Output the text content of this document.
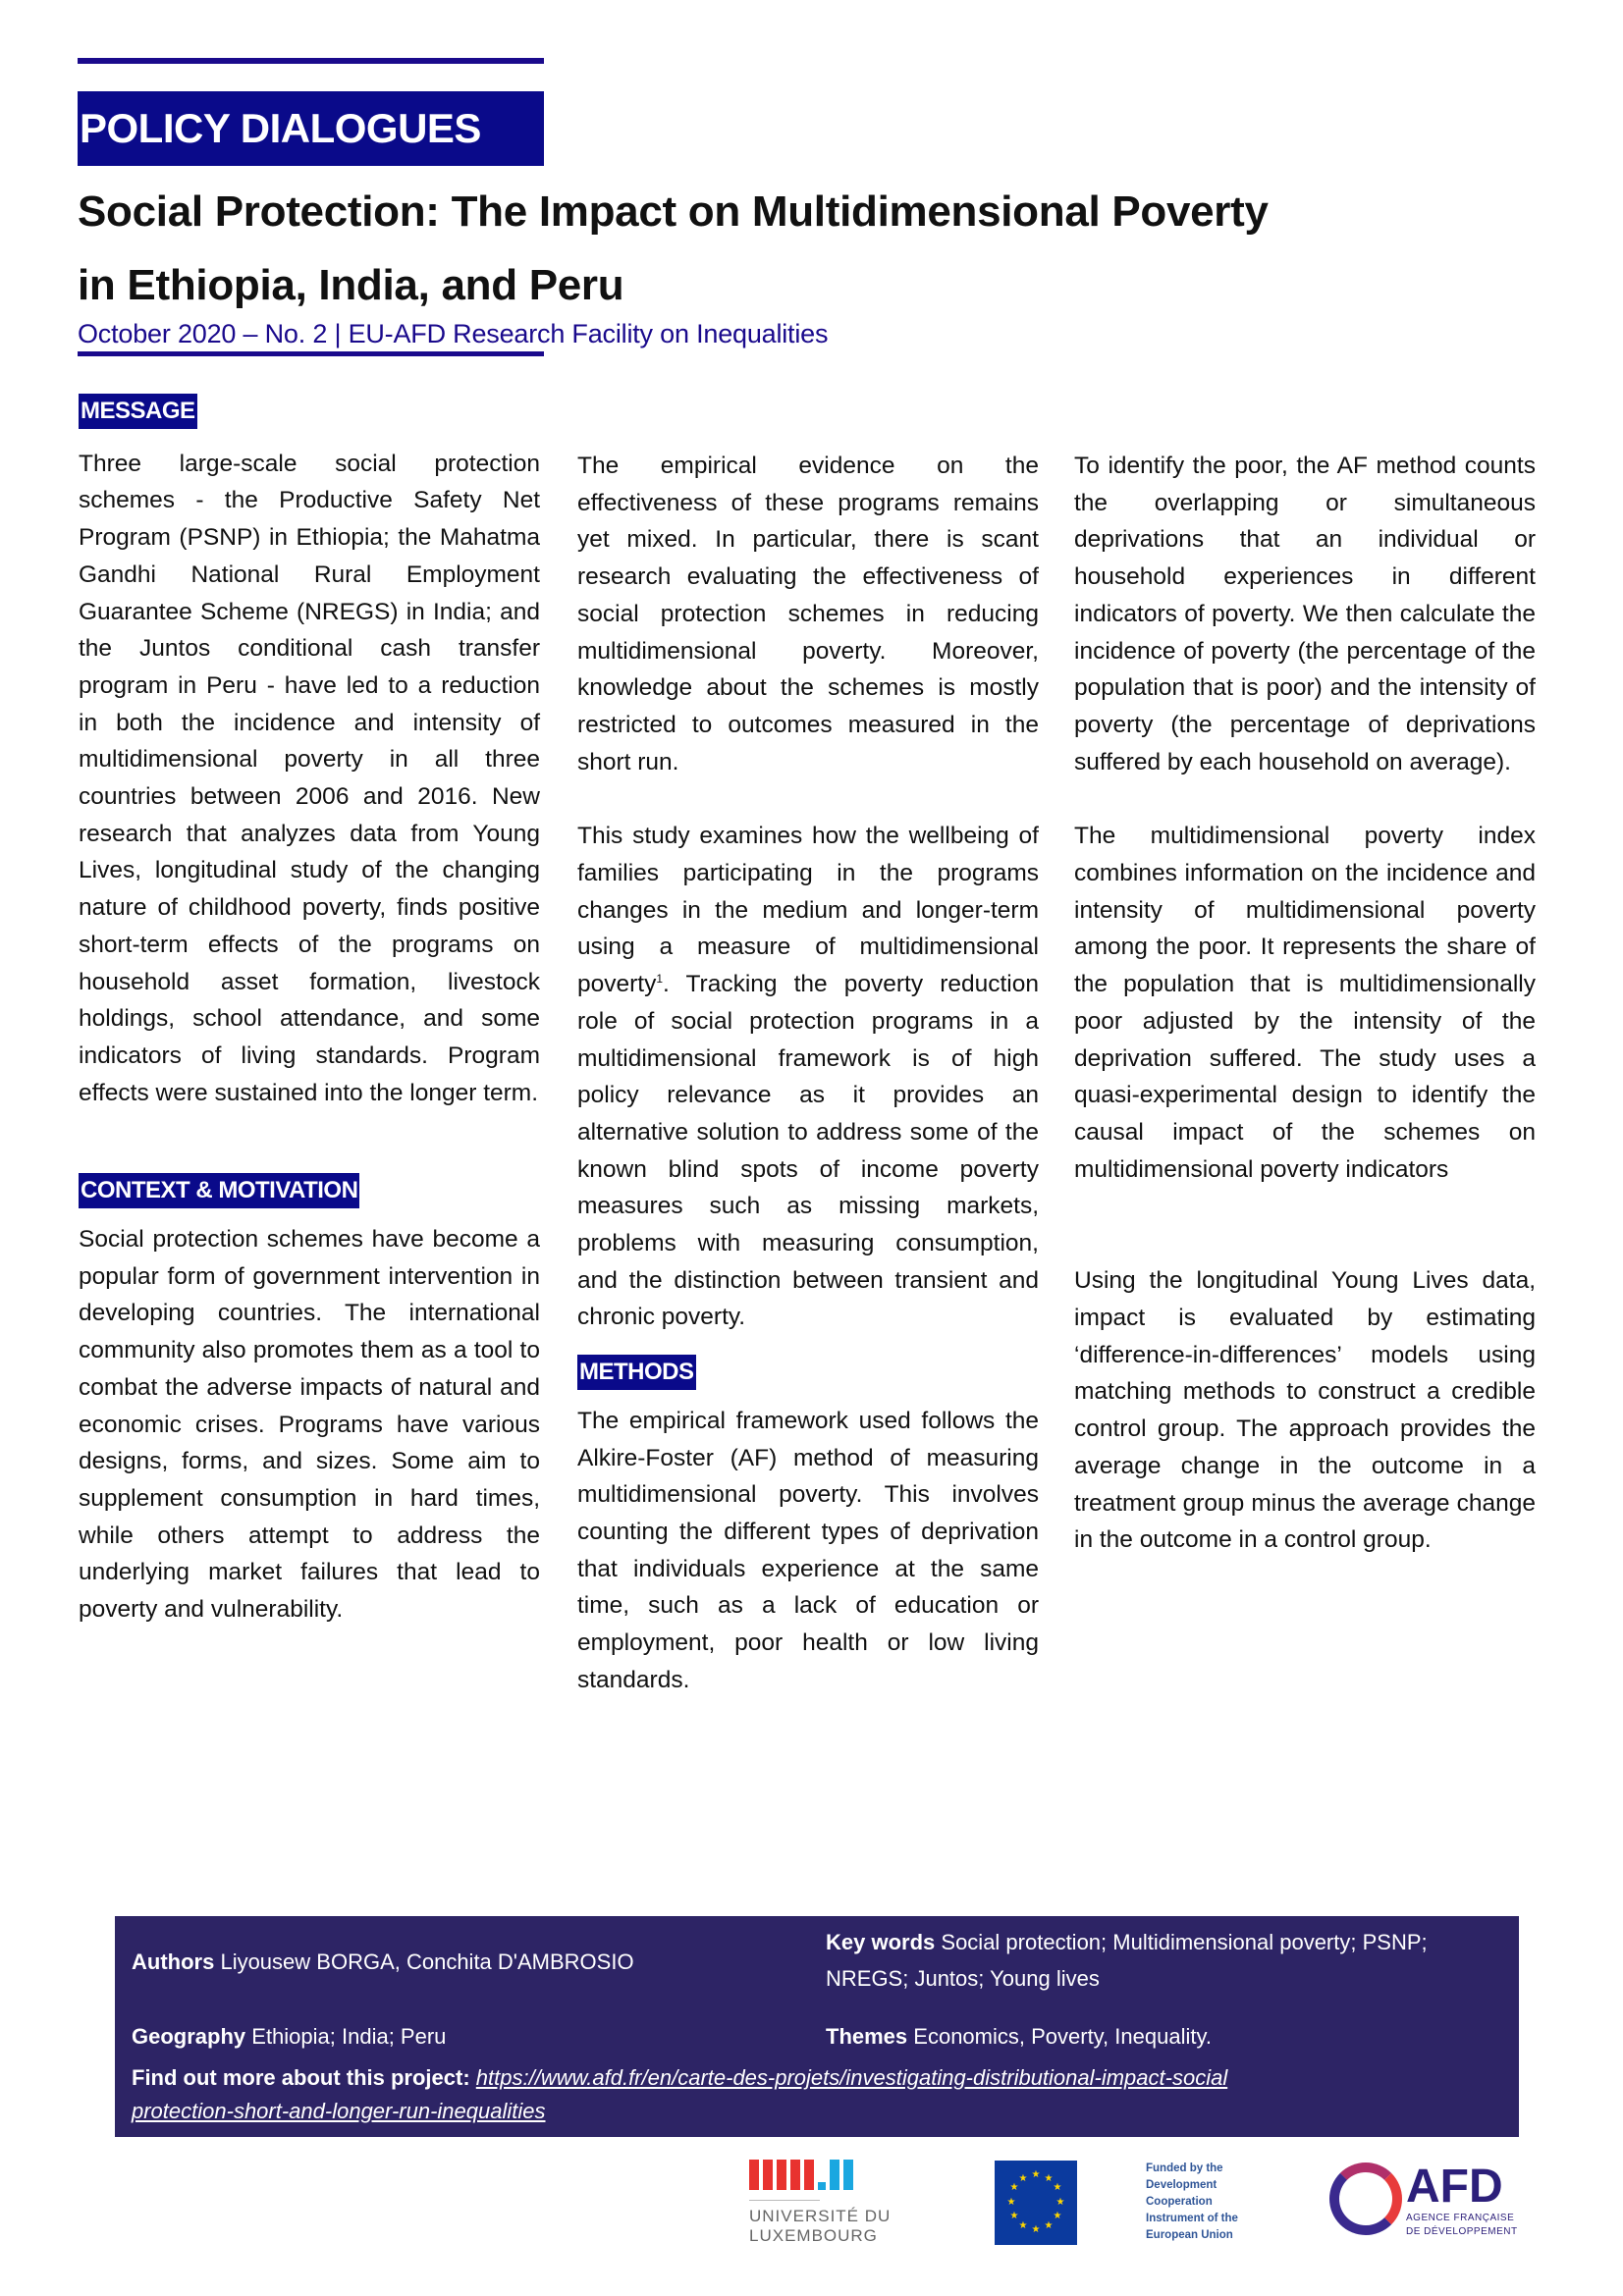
POLICY DIALOGUES
Social Protection: The Impact on Multidimensional Poverty
in Ethiopia, India, and Peru
October 2020 – No. 2 | EU-AFD Research Facility on Inequalities
MESSAGE

Three large-scale social protection schemes - the Productive Safety Net Program (PSNP) in Ethiopia; the Mahatma Gandhi National Rural Employment Guarantee Scheme (NREGS) in India; and the Juntos conditional cash transfer program in Peru - have led to a reduction in both the incidence and intensity of multidimensional poverty in all three countries between 2006 and 2016. New research that analyzes data from Young Lives, longitudinal study of the changing nature of childhood poverty, finds positive short-term effects of the programs on household asset formation, livestock holdings, school attendance, and some indicators of living standards. Program effects were sustained into the longer term.

CONTEXT & MOTIVATION

Social protection schemes have become a popular form of government intervention in developing countries. The international community also promotes them as a tool to combat the adverse impacts of natural and economic crises. Programs have various designs, forms, and sizes. Some aim to supplement consumption in hard times, while others attempt to address the underlying market failures that lead to poverty and vulnerability.

The empirical evidence on the effectiveness of these programs remains yet mixed. In particular, there is scant research evaluating the effectiveness of social protection schemes in reducing multidimensional poverty. Moreover, knowledge about the schemes is mostly restricted to outcomes measured in the short run.

This study examines how the wellbeing of families participating in the programs changes in the medium and longer-term using a measure of multidimensional poverty$^1$. Tracking the poverty reduction role of social protection programs in a multidimensional framework is of high policy relevance as it provides an alternative solution to address some of the known blind spots of income poverty measures such as missing markets, problems with measuring consumption, and the distinction between transient and chronic poverty.

METHODS

The empirical framework used follows the Alkire-Foster (AF) method of measuring multidimensional poverty. This involves counting the different types of deprivation that individuals experience at the same time, such as a lack of education or employment, poor health or low living standards.

To identify the poor, the AF method counts the overlapping or simultaneous deprivations that an individual or household experiences in different indicators of poverty. We then calculate the incidence of poverty (the percentage of the population that is poor) and the intensity of poverty (the percentage of deprivations suffered by each household on average).

The multidimensional poverty index combines information on the incidence and intensity of multidimensional poverty among the poor. It represents the share of the population that is multidimensionally poor adjusted by the intensity of the deprivation suffered. The study uses a quasi-experimental design to identify the causal impact of the schemes on multidimensional poverty indicators

Using the longitudinal Young Lives data, impact is evaluated by estimating ‘difference-in-differences’ models using matching methods to construct a credible control group. The approach provides the average change in the outcome in a treatment group minus the average change in the outcome in a control group.

Authors Liyousew BORGA, Conchita D'AMBROSIO
Key words Social protection; Multidimensional poverty; PSNP; NREGS; Juntos; Young lives
Geography Ethiopia; India; Peru	Themes Economics, Poverty, Inequality.
Find out more about this project: https://www.afd.fr/en/carte-des-projets/investigating-distributional-impact-social
protection-short-and-longer-run-inequalities
UNIVERSITÉ DU
LUXEMBOURG
★ ★
★
★
★
★
★
★
★
★
★
★
Funded by the
Development
Cooperation
Instrument of the
European Union
AFD
AGENCE FRANÇAISE
DE DÉVELOPPEMENT
